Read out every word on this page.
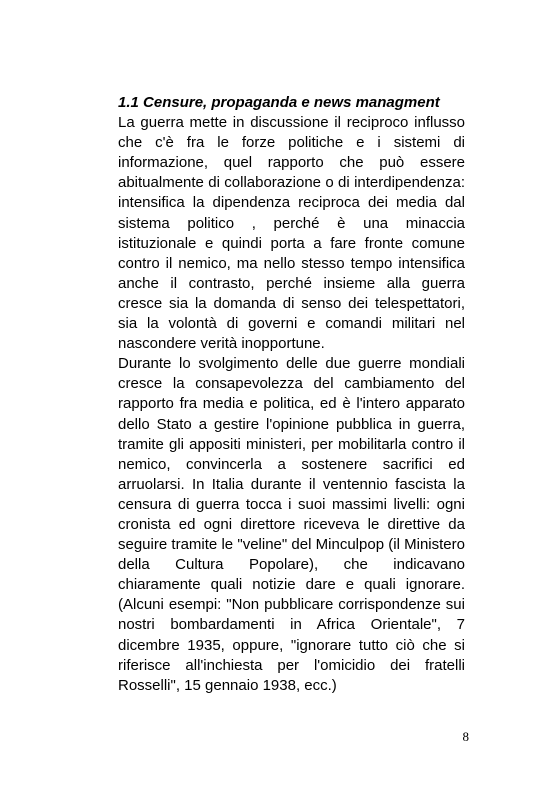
1.1 Censure, propaganda e news managment

La guerra mette in discussione il reciproco influsso che c'è fra le forze politiche e i sistemi di informazione, quel rapporto che può essere abitualmente di collaborazione o di interdipendenza: intensifica la dipendenza reciproca dei media dal sistema politico , perché è una minaccia istituzionale e quindi porta a fare fronte comune contro il nemico, ma nello stesso tempo intensifica anche il contrasto, perché insieme alla guerra cresce sia la domanda di senso dei telespettatori, sia la volontà di governi e comandi militari nel nascondere verità inopportune.

Durante lo svolgimento delle due guerre mondiali cresce la consapevolezza del cambiamento del rapporto fra media e politica, ed è l'intero apparato dello Stato a gestire l'opinione pubblica in guerra, tramite gli appositi ministeri, per mobilitarla contro il nemico, convincerla a sostenere sacrifici ed arruolarsi. In Italia durante il ventennio fascista la censura di guerra tocca i suoi massimi livelli: ogni cronista ed ogni direttore riceveva le direttive da seguire tramite le "veline" del Minculpop (il Ministero della Cultura Popolare), che indicavano chiaramente quali notizie dare e quali ignorare. (Alcuni esempi: "Non pubblicare corrispondenze sui nostri bombardamenti in Africa Orientale", 7 dicembre 1935, oppure, "ignorare tutto ciò che si riferisce all'inchiesta per l'omicidio dei fratelli Rosselli", 15 gennaio 1938, ecc.)

8
